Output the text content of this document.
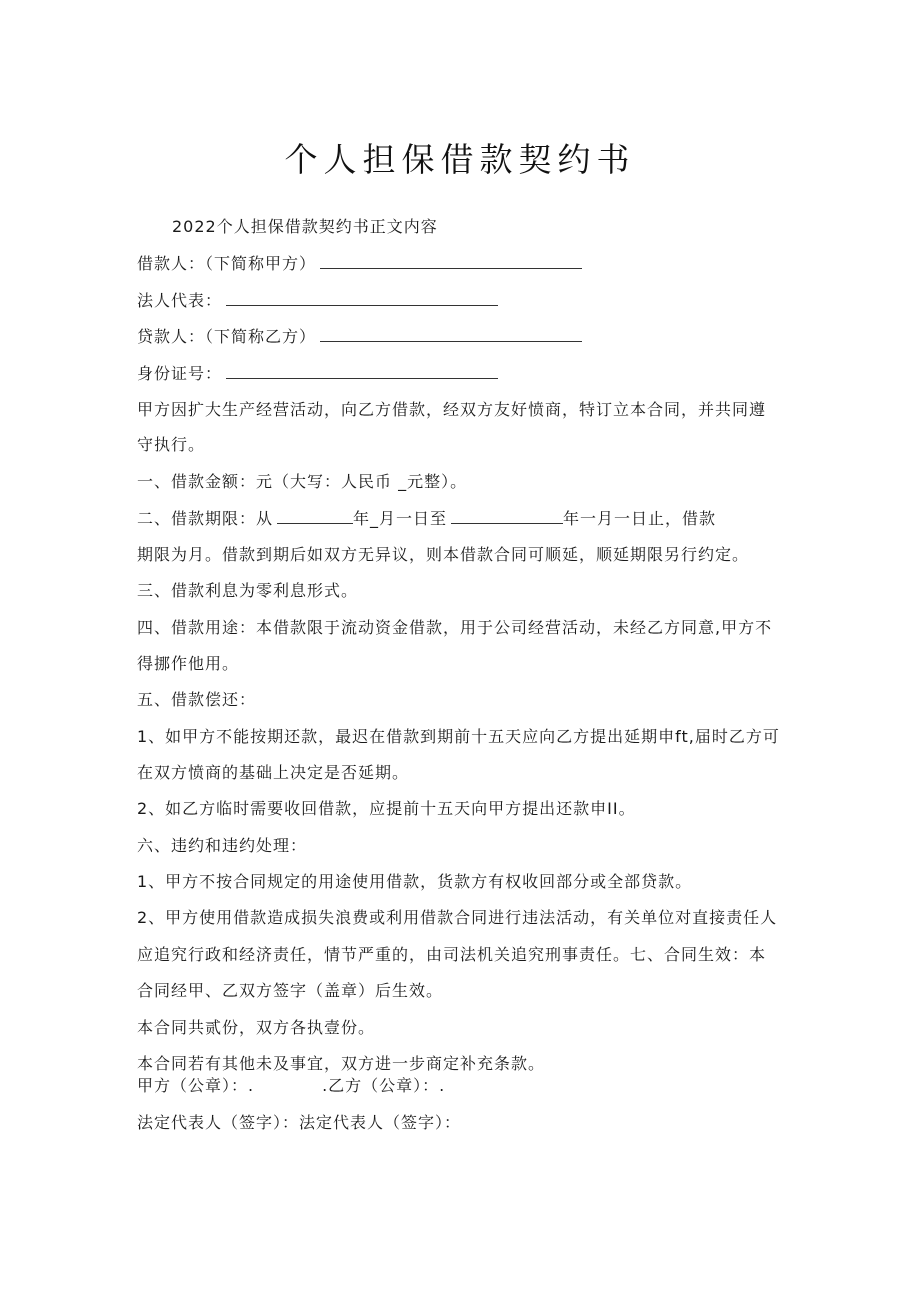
个人担保借款契约书
2022个人担保借款契约书正文内容
借款人：（下简称甲方）
法人代表：
贷款人：（下简称乙方）
身份证号：
甲方因扩大生产经营活动，向乙方借款，经双方友好愤商，特订立本合同，并共同遵
守执行。
一、借款金额：元（大写：人民币 _元整）。
二、借款期限：从	年_月一日至	年一月一日止，借款
期限为月。借款到期后如双方无异议，则本借款合同可顺延，顺延期限另行约定。
三、借款利息为零利息形式。
四、借款用途：本借款限于流动资金借款，用于公司经营活动，未经乙方同意,甲方不
得挪作他用。
五、借款偿还：
1、如甲方不能按期还款，最迟在借款到期前十五天应向乙方提出延期申ft,届时乙方可
在双方愤商的基础上决定是否延期。
2、如乙方临时需要收回借款，应提前十五天向甲方提出还款申II。
六、违约和违约处理：
1、甲方不按合同规定的用途使用借款，货款方有权收回部分或全部贷款。
2、甲方使用借款造成损失浪费或利用借款合同进行违法活动，有关单位对直接责任人
应追究行政和经济责任，情节严重的，由司法机关追究刑事责任。七、合同生效：本
合同经甲、乙双方签字（盖章）后生效。
本合同共贰份，双方各执壹份。
本合同若有其他未及事宜，双方进一步商定补充条款。
甲方（公章）：.　　　　.乙方（公章）：.
法定代表人（签字）：法定代表人（签字）：
